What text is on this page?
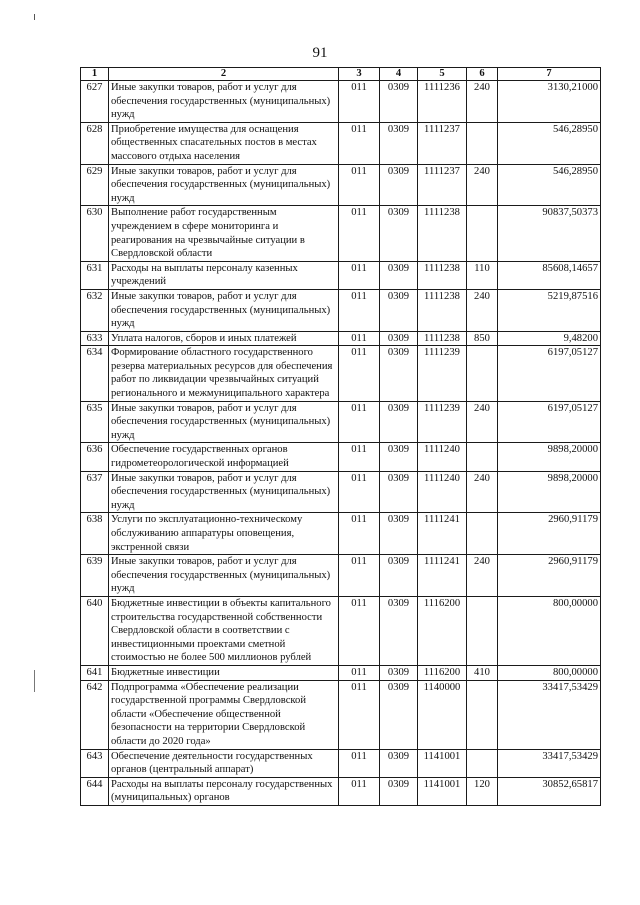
91
1	2	3	4	5	6	7
627	Иные закупки товаров, работ и услуг для обеспечения государственных (муниципальных) нужд	011	0309	1111236	240	3130,21000
628	Приобретение имущества для оснащения общественных спасательных постов в местах массового отдыха населения	011	0309	1111237		546,28950
629	Иные закупки товаров, работ и услуг для обеспечения государственных (муниципальных) нужд	011	0309	1111237	240	546,28950
630	Выполнение работ государственным учреждением в сфере мониторинга и реагирования на чрезвычайные ситуации в Свердловской области	011	0309	1111238		90837,50373
631	Расходы на выплаты персоналу казенных учреждений	011	0309	1111238	110	85608,14657
632	Иные закупки товаров, работ и услуг для обеспечения государственных (муниципальных) нужд	011	0309	1111238	240	5219,87516
633	Уплата налогов, сборов и иных платежей	011	0309	1111238	850	9,48200
634	Формирование областного государственного резерва материальных ресурсов для обеспечения работ по ликвидации чрезвычайных ситуаций регионального и межмуниципального характера	011	0309	1111239		6197,05127
635	Иные закупки товаров, работ и услуг для обеспечения государственных (муниципальных) нужд	011	0309	1111239	240	6197,05127
636	Обеспечение государственных органов гидрометеорологической информацией	011	0309	1111240		9898,20000
637	Иные закупки товаров, работ и услуг для обеспечения государственных (муниципальных) нужд	011	0309	1111240	240	9898,20000
638	Услуги по эксплуатационно-техническому обслуживанию аппаратуры оповещения, экстренной связи	011	0309	1111241		2960,91179
639	Иные закупки товаров, работ и услуг для обеспечения государственных (муниципальных) нужд	011	0309	1111241	240	2960,91179
640	Бюджетные инвестиции в объекты капитального строительства государственной собственности Свердловской области в соответствии с инвестиционными проектами сметной стоимостью не более 500 миллионов рублей	011	0309	1116200		800,00000
641	Бюджетные инвестиции	011	0309	1116200	410	800,00000
642	Подпрограмма «Обеспечение реализации государственной программы Свердловской области «Обеспечение общественной безопасности на территории Свердловской области до 2020 года»	011	0309	1140000		33417,53429
643	Обеспечение деятельности государственных органов (центральный аппарат)	011	0309	1141001		33417,53429
644	Расходы на выплаты персоналу государственных (муниципальных) органов	011	0309	1141001	120	30852,65817
